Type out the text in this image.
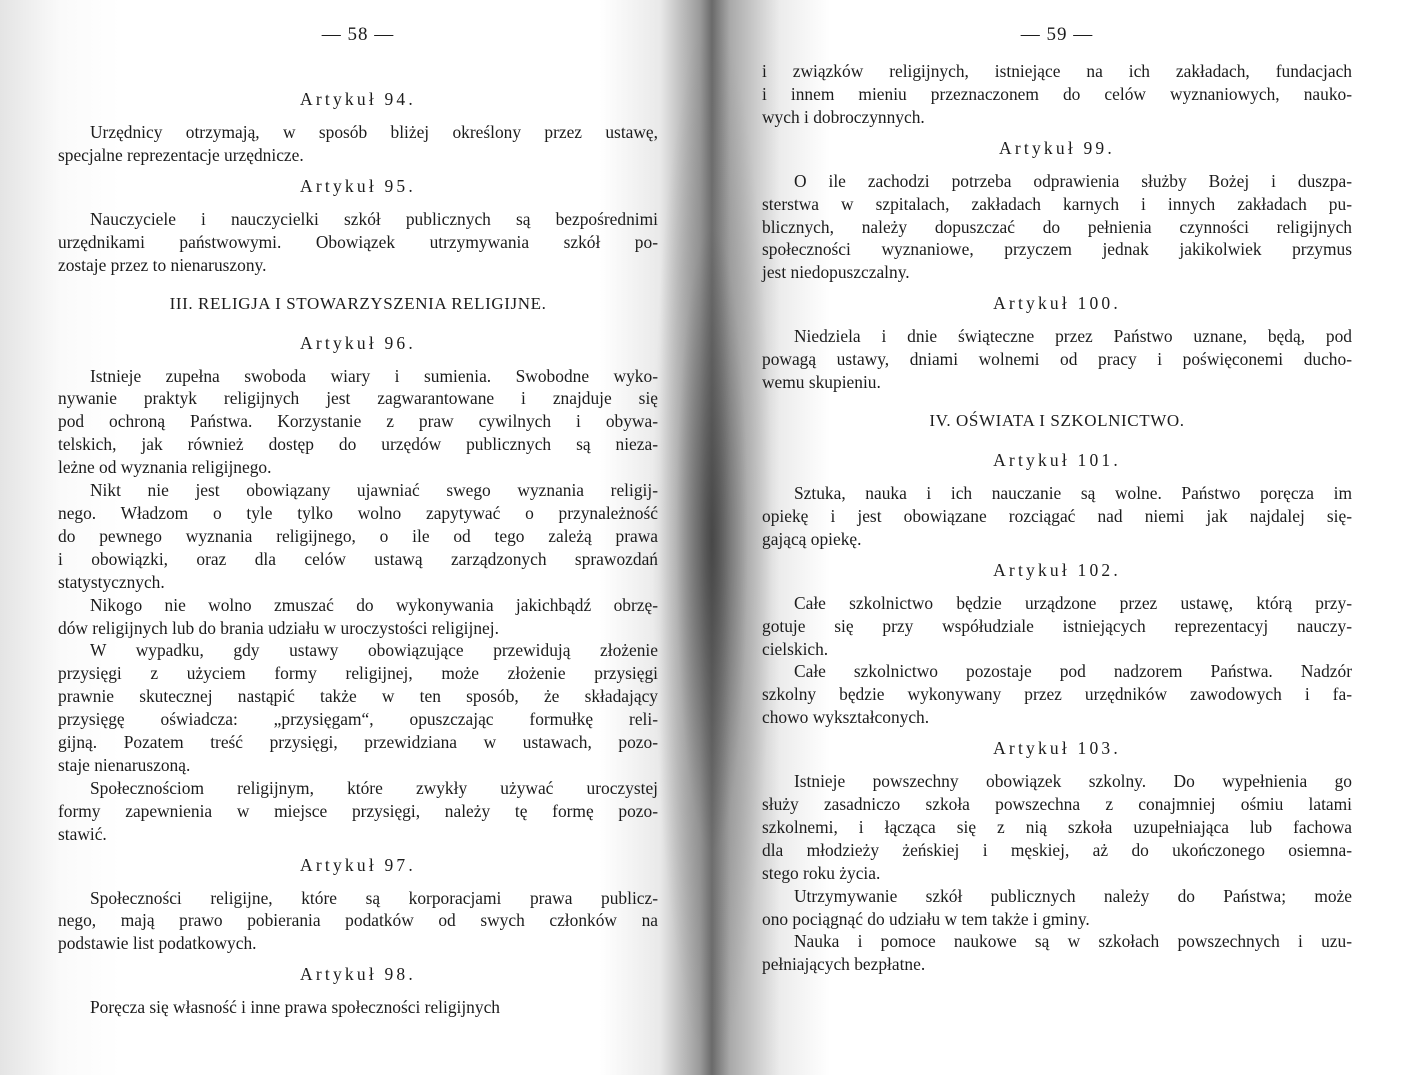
— 58 —
Artykuł 94.
Urzędnicy otrzymają, w sposób bliżej określony przez ustawę,
specjalne reprezentacje urzędnicze.
Artykuł 95.
Nauczyciele i nauczycielki szkół publicznych są bezpośrednimi
urzędnikami państwowymi. Obowiązek utrzymywania szkół po-
zostaje przez to nienaruszony.
III. RELIGJA I STOWARZYSZENIA RELIGIJNE.
Artykuł 96.
Istnieje zupełna swoboda wiary i sumienia. Swobodne wyko-
nywanie praktyk religijnych jest zagwarantowane i znajduje się
pod ochroną Państwa. Korzystanie z praw cywilnych i obywa-
telskich, jak również dostęp do urzędów publicznych są nieza-
leżne od wyznania religijnego.
Nikt nie jest obowiązany ujawniać swego wyznania religij-
nego. Władzom o tyle tylko wolno zapytywać o przynależność
do pewnego wyznania religijnego, o ile od tego zależą prawa
i obowiązki, oraz dla celów ustawą zarządzonych sprawozdań
statystycznych.
Nikogo nie wolno zmuszać do wykonywania jakichbądź obrzę-
dów religijnych lub do brania udziału w uroczystości religijnej.
W wypadku, gdy ustawy obowiązujące przewidują złożenie
przysięgi z użyciem formy religijnej, może złożenie przysięgi
prawnie skutecznej nastąpić także w ten sposób, że składający
przysięgę oświadcza: „przysięgam“, opuszczając formułkę reli-
gijną. Pozatem treść przysięgi, przewidziana w ustawach, pozo-
staje nienaruszoną.
Społecznościom religijnym, które zwykły używać uroczystej
formy zapewnienia w miejsce przysięgi, należy tę formę pozo-
stawić.
Artykuł 97.
Społeczności religijne, które są korporacjami prawa publicz-
nego, mają prawo pobierania podatków od swych członków na
podstawie list podatkowych.
Artykuł 98.
Poręcza się własność i inne prawa społeczności religijnych
— 59 —
i związków religijnych, istniejące na ich zakładach, fundacjach
i innem mieniu przeznaczonem do celów wyznaniowych, nauko-
wych i dobroczynnych.
Artykuł 99.
O ile zachodzi potrzeba odprawienia służby Bożej i duszpa-
sterstwa w szpitalach, zakładach karnych i innych zakładach pu-
blicznych, należy dopuszczać do pełnienia czynności religijnych
społeczności wyznaniowe, przyczem jednak jakikolwiek przymus
jest niedopuszczalny.
Artykuł 100.
Niedziela i dnie świąteczne przez Państwo uznane, będą, pod
powagą ustawy, dniami wolnemi od pracy i poświęconemi ducho-
wemu skupieniu.
IV. OŚWIATA I SZKOLNICTWO.
Artykuł 101.
Sztuka, nauka i ich nauczanie są wolne. Państwo poręcza im
opiekę i jest obowiązane rozciągać nad niemi jak najdalej się-
gającą opiekę.
Artykuł 102.
Całe szkolnictwo będzie urządzone przez ustawę, którą przy-
gotuje się przy współudziale istniejących reprezentacyj nauczy-
cielskich.
Całe szkolnictwo pozostaje pod nadzorem Państwa. Nadzór
szkolny będzie wykonywany przez urzędników zawodowych i fa-
chowo wykształconych.
Artykuł 103.
Istnieje powszechny obowiązek szkolny. Do wypełnienia go
służy zasadniczo szkoła powszechna z conajmniej ośmiu latami
szkolnemi, i łącząca się z nią szkoła uzupełniająca lub fachowa
dla młodzieży żeńskiej i męskiej, aż do ukończonego osiemna-
stego roku życia.
Utrzymywanie szkół publicznych należy do Państwa; może
ono pociągnąć do udziału w tem także i gminy.
Nauka i pomoce naukowe są w szkołach powszechnych i uzu-
pełniających bezpłatne.
